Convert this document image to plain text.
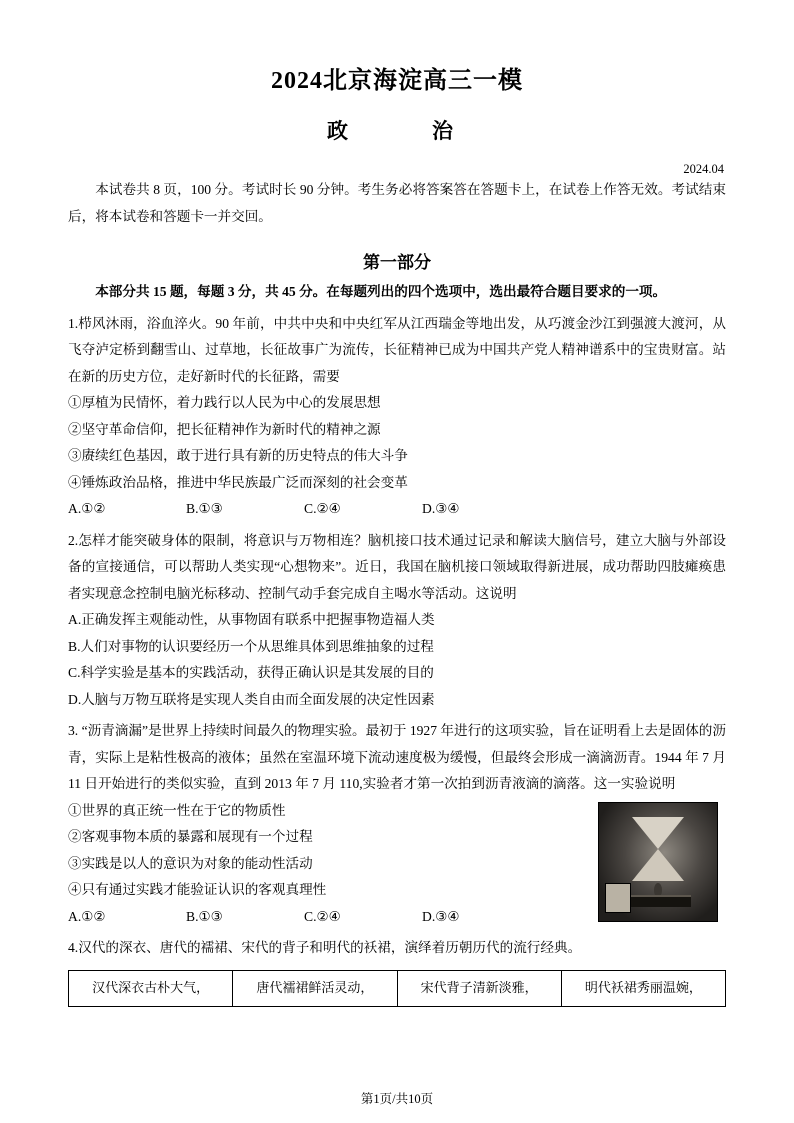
2024北京海淀高三一模
政　　治
2024.04

本试卷共 8 页，100 分。考试时长 90 分钟。考生务必将答案答在答题卡上，在试卷上作答无效。考试结束后，将本试卷和答题卡一并交回。

第一部分

本部分共 15 题，每题 3 分，共 45 分。在每题列出的四个选项中，选出最符合题目要求的一项。

1.栉风沐雨，浴血淬火。90 年前，中共中央和中央红军从江西瑞金等地出发，从巧渡金沙江到强渡大渡河，从飞夺泸定桥到翻雪山、过草地，长征故事广为流传，长征精神已成为中国共产党人精神谱系中的宝贵财富。站在新的历史方位，走好新时代的长征路，需要

①厚植为民情怀，着力践行以人民为中心的发展思想

②坚守革命信仰，把长征精神作为新时代的精神之源

③赓续红色基因，敢于进行具有新的历史特点的伟大斗争

④锤炼政治品格，推进中华民族最广泛而深刻的社会变革

A.①②	B.①③	C.②④	D.③④

2.怎样才能突破身体的限制，将意识与万物相连？脑机接口技术通过记录和解读大脑信号，建立大脑与外部设备的宣接通信，可以帮助人类实现“心想物来”。近日，我国在脑机接口领域取得新进展，成功帮助四肢瘫痪患者实现意念控制电脑光标移动、控制气动手套完成自主喝水等活动。这说明

A.正确发挥主观能动性，从事物固有联系中把握事物造福人类

B.人们对事物的认识要经历一个从思维具体到思维抽象的过程

C.科学实验是基本的实践活动，获得正确认识是其发展的目的

D.人脑与万物互联将是实现人类自由而全面发展的决定性因素

3. “沥青滴漏”是世界上持续时间最久的物理实验。最初于 1927 年进行的这项实验，旨在证明看上去是固体的沥青，实际上是粘性极高的液体；虽然在室温环境下流动速度极为缓慢，但最终会形成一滴滴沥青。1944 年 7 月 11 日开始进行的类似实验，直到 2013 年 7 月 110,实验者才第一次拍到沥青液滴的滴落。这一实验说明

①世界的真正统一性在于它的物质性

②客观事物本质的暴露和展现有一个过程

③实践是以人的意识为对象的能动性活动

④只有通过实践才能验证认识的客观真理性

A.①②	B.①③	C.②④	D.③④

4.汉代的深衣、唐代的襦裙、宋代的背子和明代的袄裙，演绎着历朝历代的流行经典。

汉代深衣古朴大气，	唐代襦裙鲜活灵动，	宋代背子清新淡雅，	明代袄裙秀丽温婉，
第1页/共10页
